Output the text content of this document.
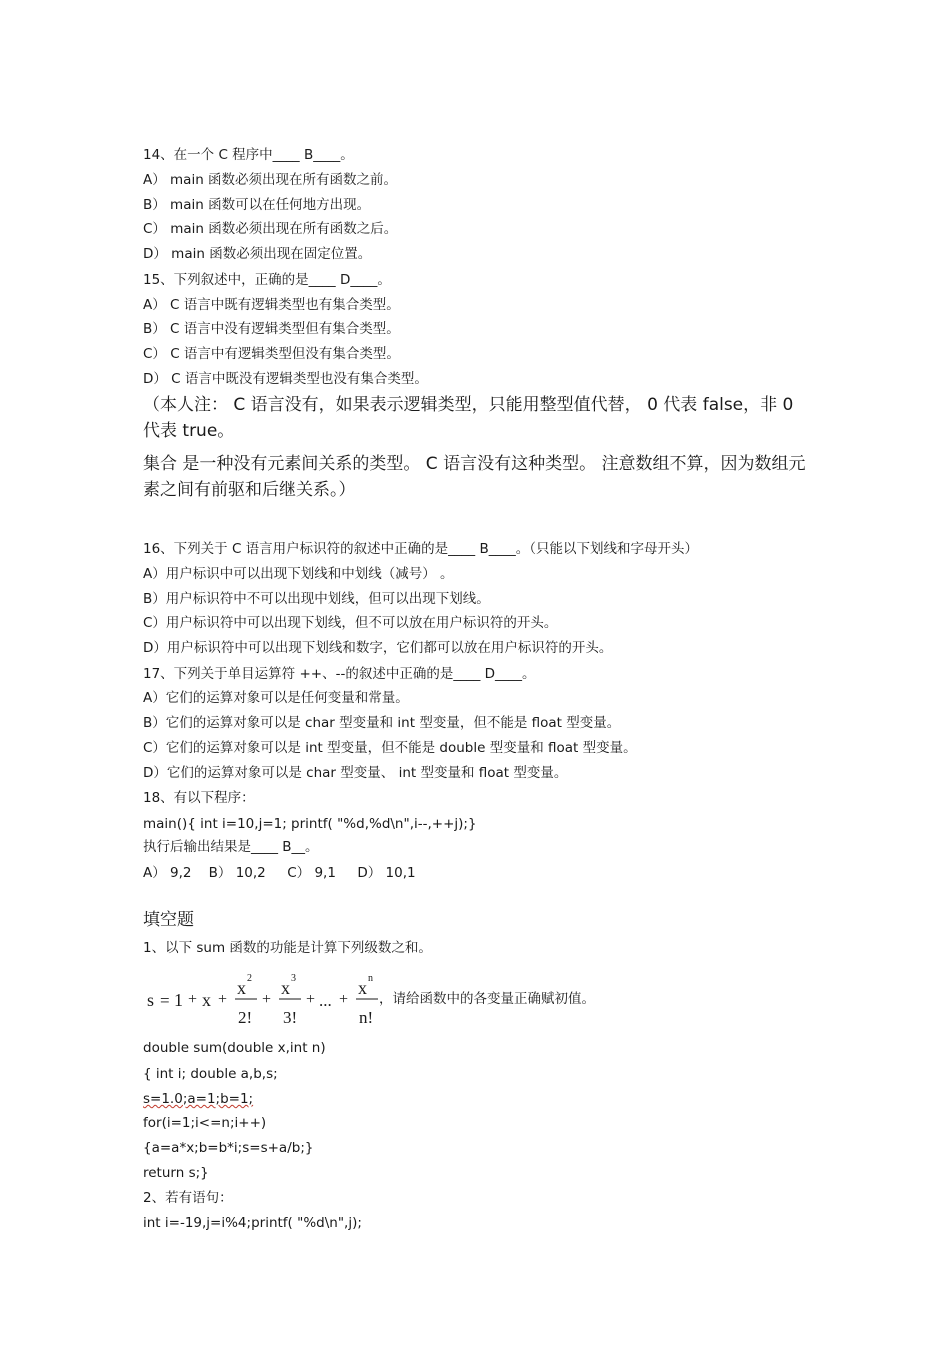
14、在一个 C 程序中____ B____。
A） main 函数必须出现在所有函数之前。
B） main 函数可以在任何地方出现。
C） main 函数必须出现在所有函数之后。
D） main 函数必须出现在固定位置。
15、下列叙述中，正确的是____ D____。
A） C 语言中既有逻辑类型也有集合类型。
B） C 语言中没有逻辑类型但有集合类型。
C） C 语言中有逻辑类型但没有集合类型。
D） C 语言中既没有逻辑类型也没有集合类型。
（本人注： C 语言没有，如果表示逻辑类型，只能用整型值代替， 0 代表 false，非 0 代表 true。
集合 是一种没有元素间关系的类型。 C 语言没有这种类型。 注意数组不算，因为数组元素之间有前驱和后继关系。）
16、下列关于 C 语言用户标识符的叙述中正确的是____ B____。（只能以下划线和字母开头）
A）用户标识中可以出现下划线和中划线（减号） 。
B）用户标识符中不可以出现中划线，但可以出现下划线。
C）用户标识符中可以出现下划线，但不可以放在用户标识符的开头。
D）用户标识符中可以出现下划线和数字，它们都可以放在用户标识符的开头。
17、下列关于单目运算符 ++、--的叙述中正确的是____ D____。
A）它们的运算对象可以是任何变量和常量。
B）它们的运算对象可以是 char 型变量和 int 型变量，但不能是 float 型变量。
C）它们的运算对象可以是 int 型变量，但不能是 double 型变量和 float 型变量。
D）它们的运算对象可以是 char 型变量、 int 型变量和 float 型变量。
18、有以下程序：
main(){ int i=10,j=1; printf( "%d,%d\n",i--,++j);}
执行后输出结果是____ B__。
A） 9,2    B） 10,2     C） 9,1     D） 10,1
填空题
1、以下 sum 函数的功能是计算下列级数之和。
s = 1 + x +
x 2
2!
+
x 3
3!
+ ... +
x n
n!
，请给函数中的各变量正确赋初值。
double sum(double x,int n)
{ int i; double a,b,s;
s=1.0;a=1;b=1;
for(i=1;i<=n;i++)
{a=a*x;b=b*i;s=s+a/b;}
return s;}
2、若有语句：
int i=-19,j=i%4;printf( "%d\n",j);
